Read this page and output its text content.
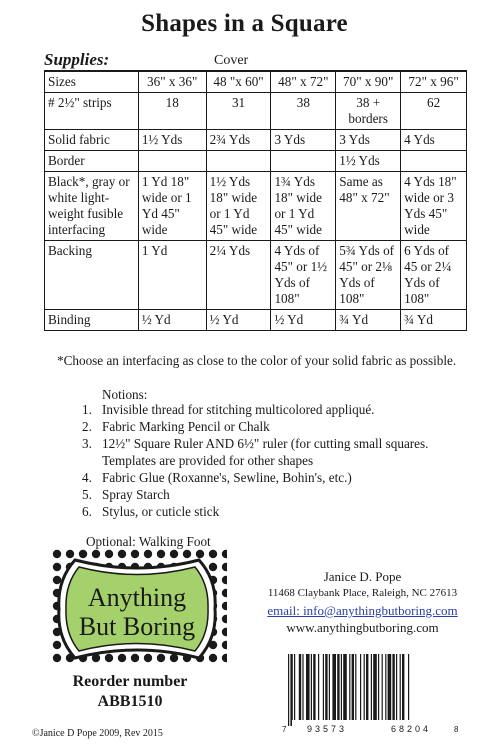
Shapes in a Square
Supplies:	Cover
Sizes	36" x 36"	48 "x 60"	48" x 72"	70" x 90"	72" x 96"
# 2½" strips	18	31	38	38 + borders	62
Solid fabric	1½ Yds	2¾ Yds	3 Yds	3 Yds	4 Yds
Border				1½ Yds	
Black*, gray or white light-weight fusible interfacing	1 Yd 18" wide or 1 Yd 45" wide	1½ Yds 18" wide or 1 Yd 45" wide	1¾ Yds 18" wide or 1 Yd 45" wide	Same as 48" x 72"	4 Yds 18" wide or 3 Yds 45" wide
Backing	1 Yd	2¼ Yds	4 Yds of 45" or 1½ Yds of 108"	5¾ Yds of 45" or 2⅛ Yds of 108"	6 Yds of 45 or 2¼ Yds of 108"
Binding	½ Yd	½ Yd	½ Yd	¾ Yd	¾ Yd
*Choose an interfacing as close to the color of your solid fabric as possible.
Notions:
1. Invisible thread for stitching multicolored appliqué.
2. Fabric Marking Pencil or Chalk
3. 12½" Square Ruler AND 6½" ruler (for cutting small squares. Templates are provided for other shapes
4. Fabric Glue (Roxanne's, Sewline, Bohin's, etc.)
5. Spray Starch
6. Stylus, or cuticle stick
Optional: Walking Foot
Anything
But Boring
Reorder number
ABB1510
Janice D. Pope
11468 Claybank Place, Raleigh, NC 27613
email: info@anythingbutboring.com
www.anythingbutboring.com
7 93573	68204	8
©Janice D Pope 2009, Rev 2015
